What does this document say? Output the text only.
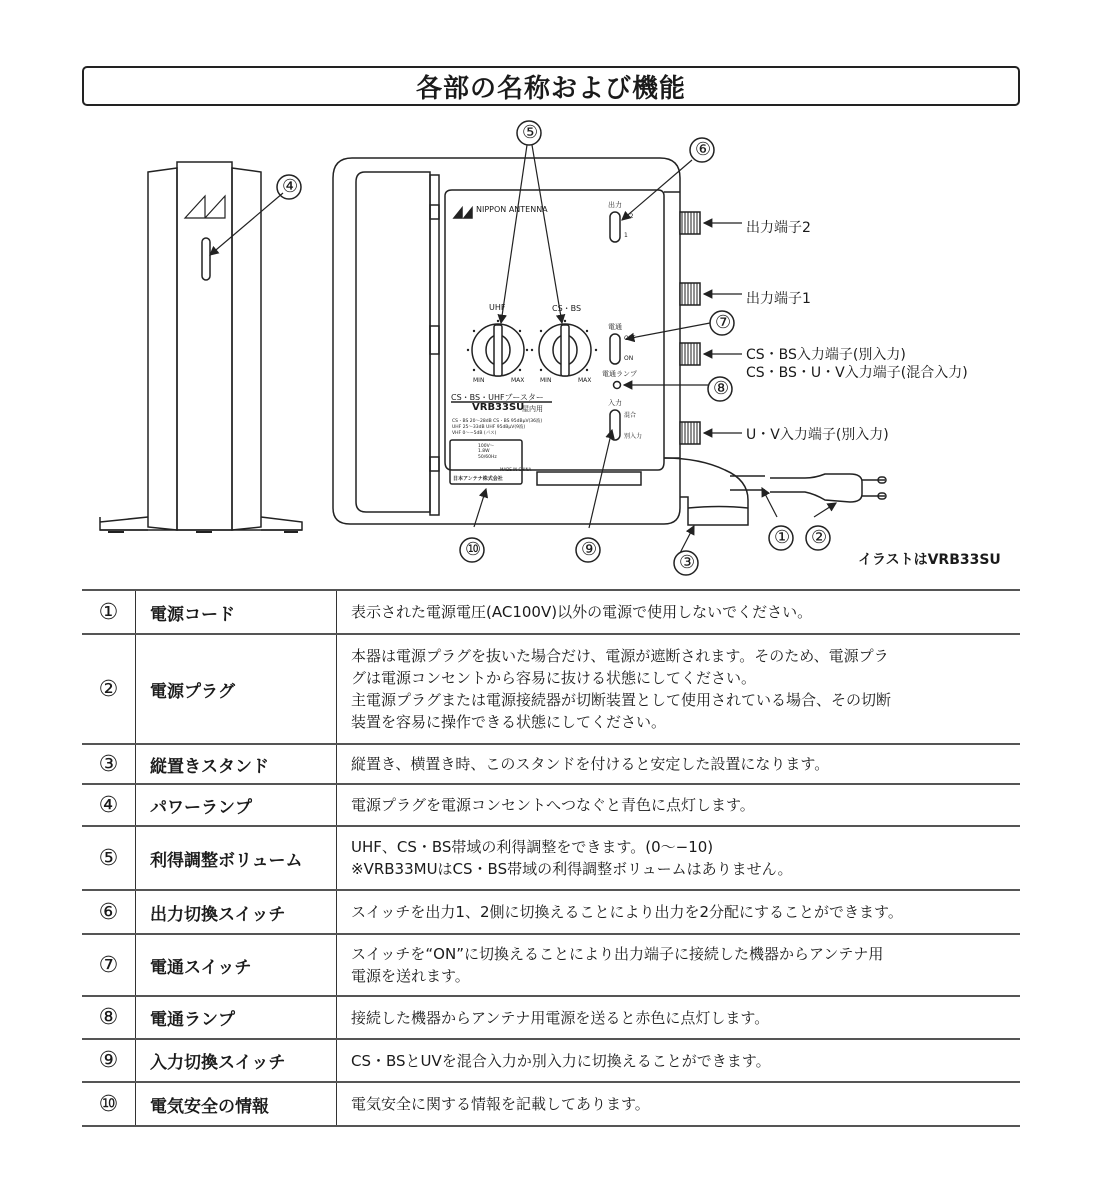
各部の名称および機能
④
⑤
⑥
⑦
⑧
⑩	⑨
③
① ②
NIPPON ANTENNA
UHF	CS・BS
MIN	MAX	MIN	MAX
出力
1,2
1
電通
OFF
ON
電通ランプ
入力
混合
別入力
CS・BS・UHFブースター
VRB33SU
屋内用
CS・BS 20〜28dB CS・BS 95dBμV(36波)
UHF 25〜33dB UHF 95dBμV(9波)
VHF 0〜−5dB (パス)
100V〜
1.8W
50/60Hz
MADE IN CHINA
日本アンテナ株式会社
出力端子2
出力端子1
CS・BS入力端子(別入力)
CS・BS・U・V入力端子(混合入力)
U・V入力端子(別入力)
イラストはVRB33SU
①	電源コード	表示された電源電圧(AC100V)以外の電源で使用しないでください。

②	電源プラグ	本器は電源プラグを抜いた場合だけ、電源が遮断されます。そのため、電源プラ
グは電源コンセントから容易に抜ける状態にしてください。
主電源プラグまたは電源接続器が切断装置として使用されている場合、その切断
装置を容易に操作できる状態にしてください。

③	縦置きスタンド	縦置き、横置き時、このスタンドを付けると安定した設置になります。

④	パワーランプ	電源プラグを電源コンセントへつなぐと青色に点灯します。

⑤	利得調整ボリューム	UHF、CS・BS帯域の利得調整をできます。(0〜−10)
※VRB33MUはCS・BS帯域の利得調整ボリュームはありません。

⑥	出力切換スイッチ	スイッチを出力1、2側に切換えることにより出力を2分配にすることができます。

⑦	電通スイッチ	スイッチを“ON”に切換えることにより出力端子に接続した機器からアンテナ用
電源を送れます。

⑧	電通ランプ	接続した機器からアンテナ用電源を送ると赤色に点灯します。

⑨	入力切換スイッチ	CS・BSとUVを混合入力か別入力に切換えることができます。

⑩	電気安全の情報	電気安全に関する情報を記載してあります。
